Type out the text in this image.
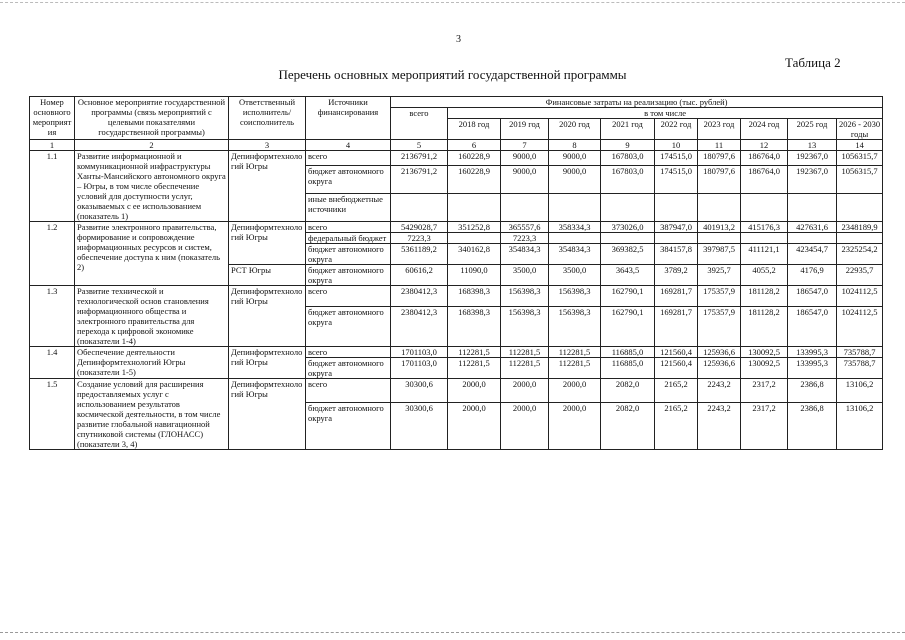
3
Таблица 2
Перечень основных мероприятий государственной программы
Номер основного мероприятия	Основное мероприятие государственной программы (связь мероприятий с целевыми показателями государственной программы)	Ответственный исполнитель/соисполнитель	Источники финансирования	Финансовые затраты на реализацию (тыс. рублей)									
				всего	в том числе								
					2018 год	2019 год	2020 год	2021 год	2022 год	2023 год	2024 год	2025 год	2026 - 2030 годы
1	2	3	4	5	6	7	8	9	10	11	12	13	14
1.1	Развитие информационной и коммуникационной инфраструктуры Ханты-Мансийского автономного округа – Югры, в том числе обеспечение условий для доступности услуг, оказываемых с ее использованием (показатель 1)	Депинформтехнологий Югры	всего	2136791,2	160228,9	9000,0	9000,0	167803,0	174515,0	180797,6	186764,0	192367,0	1056315,7
			бюджет автономного округа	2136791,2	160228,9	9000,0	9000,0	167803,0	174515,0	180797,6	186764,0	192367,0	1056315,7
			иные внебюджетные источники										
1.2	Развитие электронного правительства, формирование и сопровождение информационных ресурсов и систем, обеспечение доступа к ним (показатель 2)	Депинформтехнологий Югры	всего	5429028,7	351252,8	365557,6	358334,3	373026,0	387947,0	401913,2	415176,3	427631,6	2348189,9
			федеральный бюджет	7223,3		7223,3							
			бюджет автономного округа	5361189,2	340162,8	354834,3	354834,3	369382,5	384157,8	397987,5	411121,1	423454,7	2325254,2
		РСТ Югры	бюджет автономного округа	60616,2	11090,0	3500,0	3500,0	3643,5	3789,2	3925,7	4055,2	4176,9	22935,7
1.3	Развитие технической и технологической основ становления информационного общества и электронного правительства для перехода к цифровой экономике (показатели 1-4)	Депинформтехнологий Югры	всего	2380412,3	168398,3	156398,3	156398,3	162790,1	169281,7	175357,9	181128,2	186547,0	1024112,5
			бюджет автономного округа	2380412,3	168398,3	156398,3	156398,3	162790,1	169281,7	175357,9	181128,2	186547,0	1024112,5
1.4	Обеспечение деятельности Депинформтехнологий Югры (показатели 1-5)	Депинформтехнологий Югры	всего	1701103,0	112281,5	112281,5	112281,5	116885,0	121560,4	125936,6	130092,5	133995,3	735788,7
			бюджет автономного округа	1701103,0	112281,5	112281,5	112281,5	116885,0	121560,4	125936,6	130092,5	133995,3	735788,7
1.5	Создание условий для расширения предоставляемых услуг с использованием результатов космической деятельности, в том числе развитие глобальной навигационной спутниковой системы (ГЛОНАСС) (показатели 3, 4)	Депинформтехнологий Югры	всего	30300,6	2000,0	2000,0	2000,0	2082,0	2165,2	2243,2	2317,2	2386,8	13106,2
			бюджет автономного округа	30300,6	2000,0	2000,0	2000,0	2082,0	2165,2	2243,2	2317,2	2386,8	13106,2
